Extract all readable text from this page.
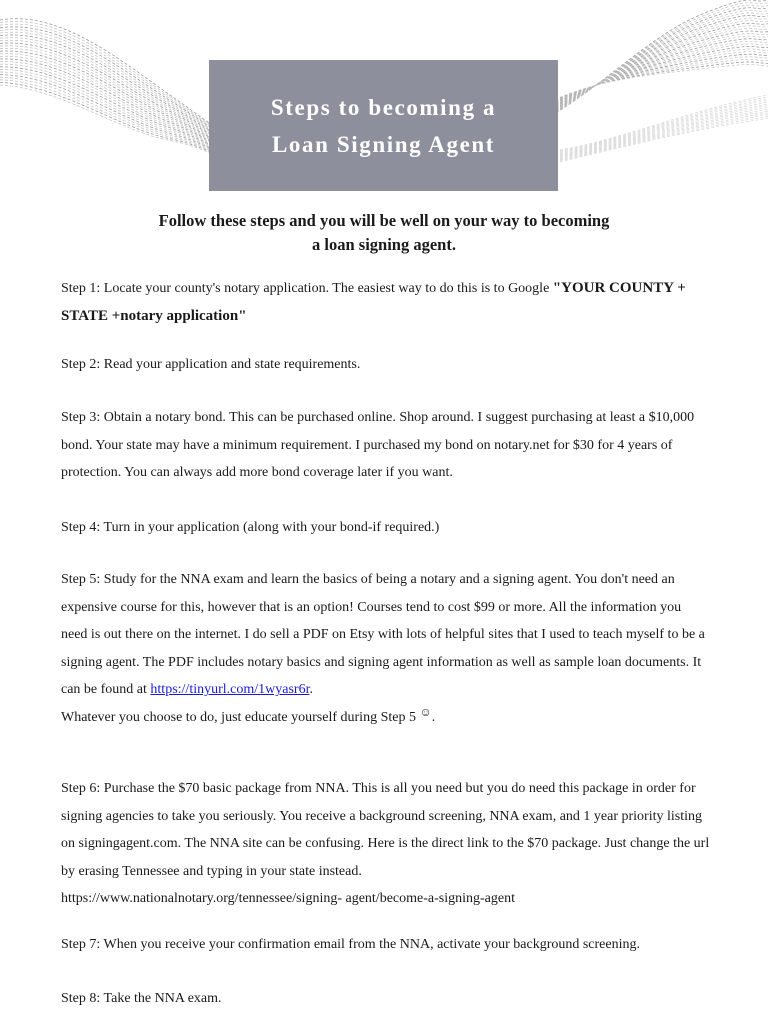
Steps to becoming a
Loan Signing Agent
Follow these steps and you will be well on your way to becoming
a loan signing agent.
Step 1: Locate your county's notary application. The easiest way to do this is to Google "YOUR COUNTY + STATE +notary application"
Step 2: Read your application and state requirements.
Step 3: Obtain a notary bond. This can be purchased online. Shop around. I suggest purchasing at least a $10,000 bond. Your state may have a minimum requirement. I purchased my bond on notary.net for $30 for 4 years of protection. You can always add more bond coverage later if you want.
Step 4: Turn in your application (along with your bond-if required.)
Step 5: Study for the NNA exam and learn the basics of being a notary and a signing agent. You don't need an expensive course for this, however that is an option! Courses tend to cost $99 or more. All the information you need is out there on the internet. I do sell a PDF on Etsy with lots of helpful sites that I used to teach myself to be a signing agent. The PDF includes notary basics and signing agent information as well as sample loan documents. It can be found at https://tinyurl.com/1wyasr6r.
Whatever you choose to do, just educate yourself during Step 5 ☺.
Step 6: Purchase the $70 basic package from NNA. This is all you need but you do need this package in order for signing agencies to take you seriously. You receive a background screening, NNA exam, and 1 year priority listing on signingagent.com. The NNA site can be confusing. Here is the direct link to the $70 package. Just change the url by erasing Tennessee and typing in your state instead.
https://www.nationalnotary.org/tennessee/signing- agent/become-a-signing-agent
Step 7: When you receive your confirmation email from the NNA, activate your background screening.
Step 8: Take the NNA exam.
